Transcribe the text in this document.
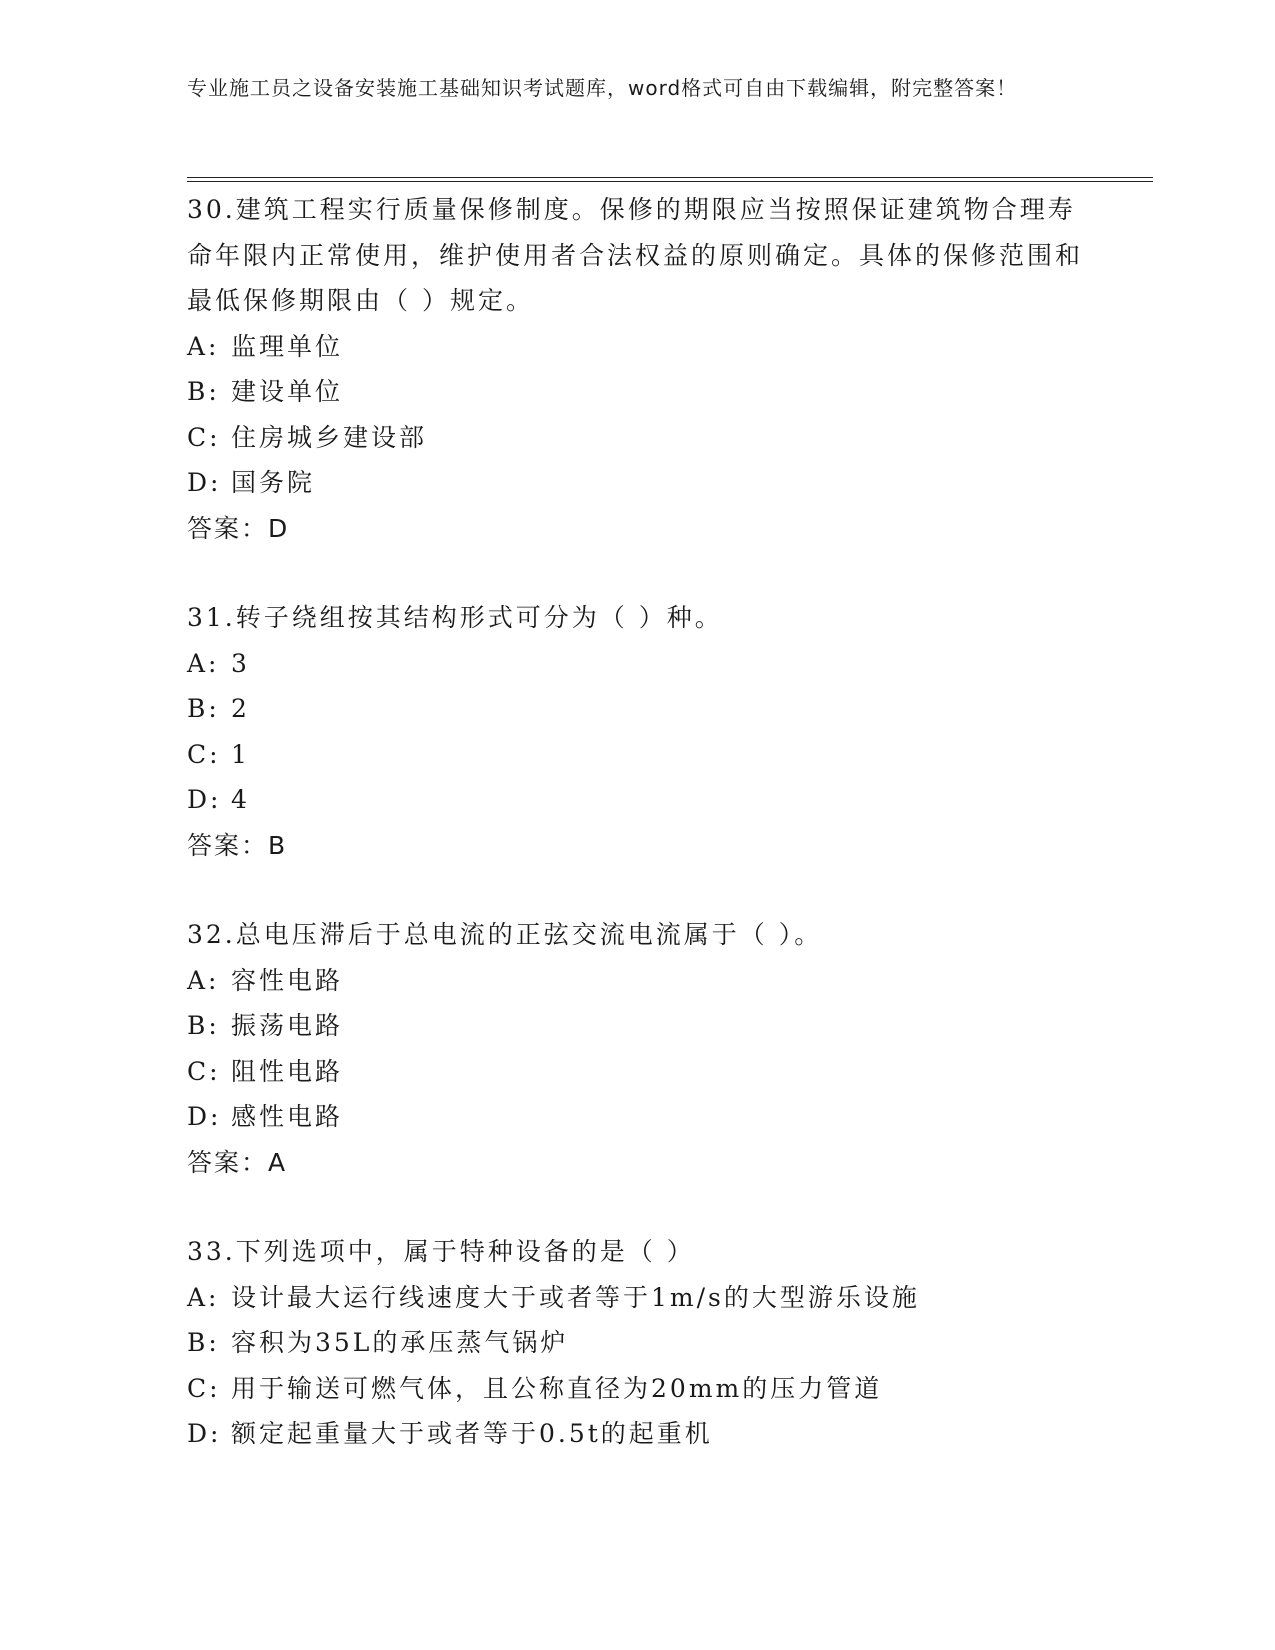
专业施工员之设备安装施工基础知识考试题库，word格式可自由下载编辑，附完整答案！

30.建筑工程实行质量保修制度。保修的期限应当按照保证建筑物合理寿命年限内正常使用，维护使用者合法权益的原则确定。具体的保修范围和最低保修期限由（ ）规定。

A: 监理单位

B: 建设单位

C: 住房城乡建设部

D: 国务院

答案：D

31.转子绕组按其结构形式可分为（ ）种。

A: 3

B: 2

C: 1

D: 4

答案：B

32.总电压滞后于总电流的正弦交流电流属于（ ）。

A: 容性电路

B: 振荡电路

C: 阻性电路

D: 感性电路

答案：A

33.下列选项中，属于特种设备的是（ ）

A: 设计最大运行线速度大于或者等于1m/s的大型游乐设施

B: 容积为35L的承压蒸气锅炉

C: 用于输送可燃气体，且公称直径为20mm的压力管道

D: 额定起重量大于或者等于0.5t的起重机
